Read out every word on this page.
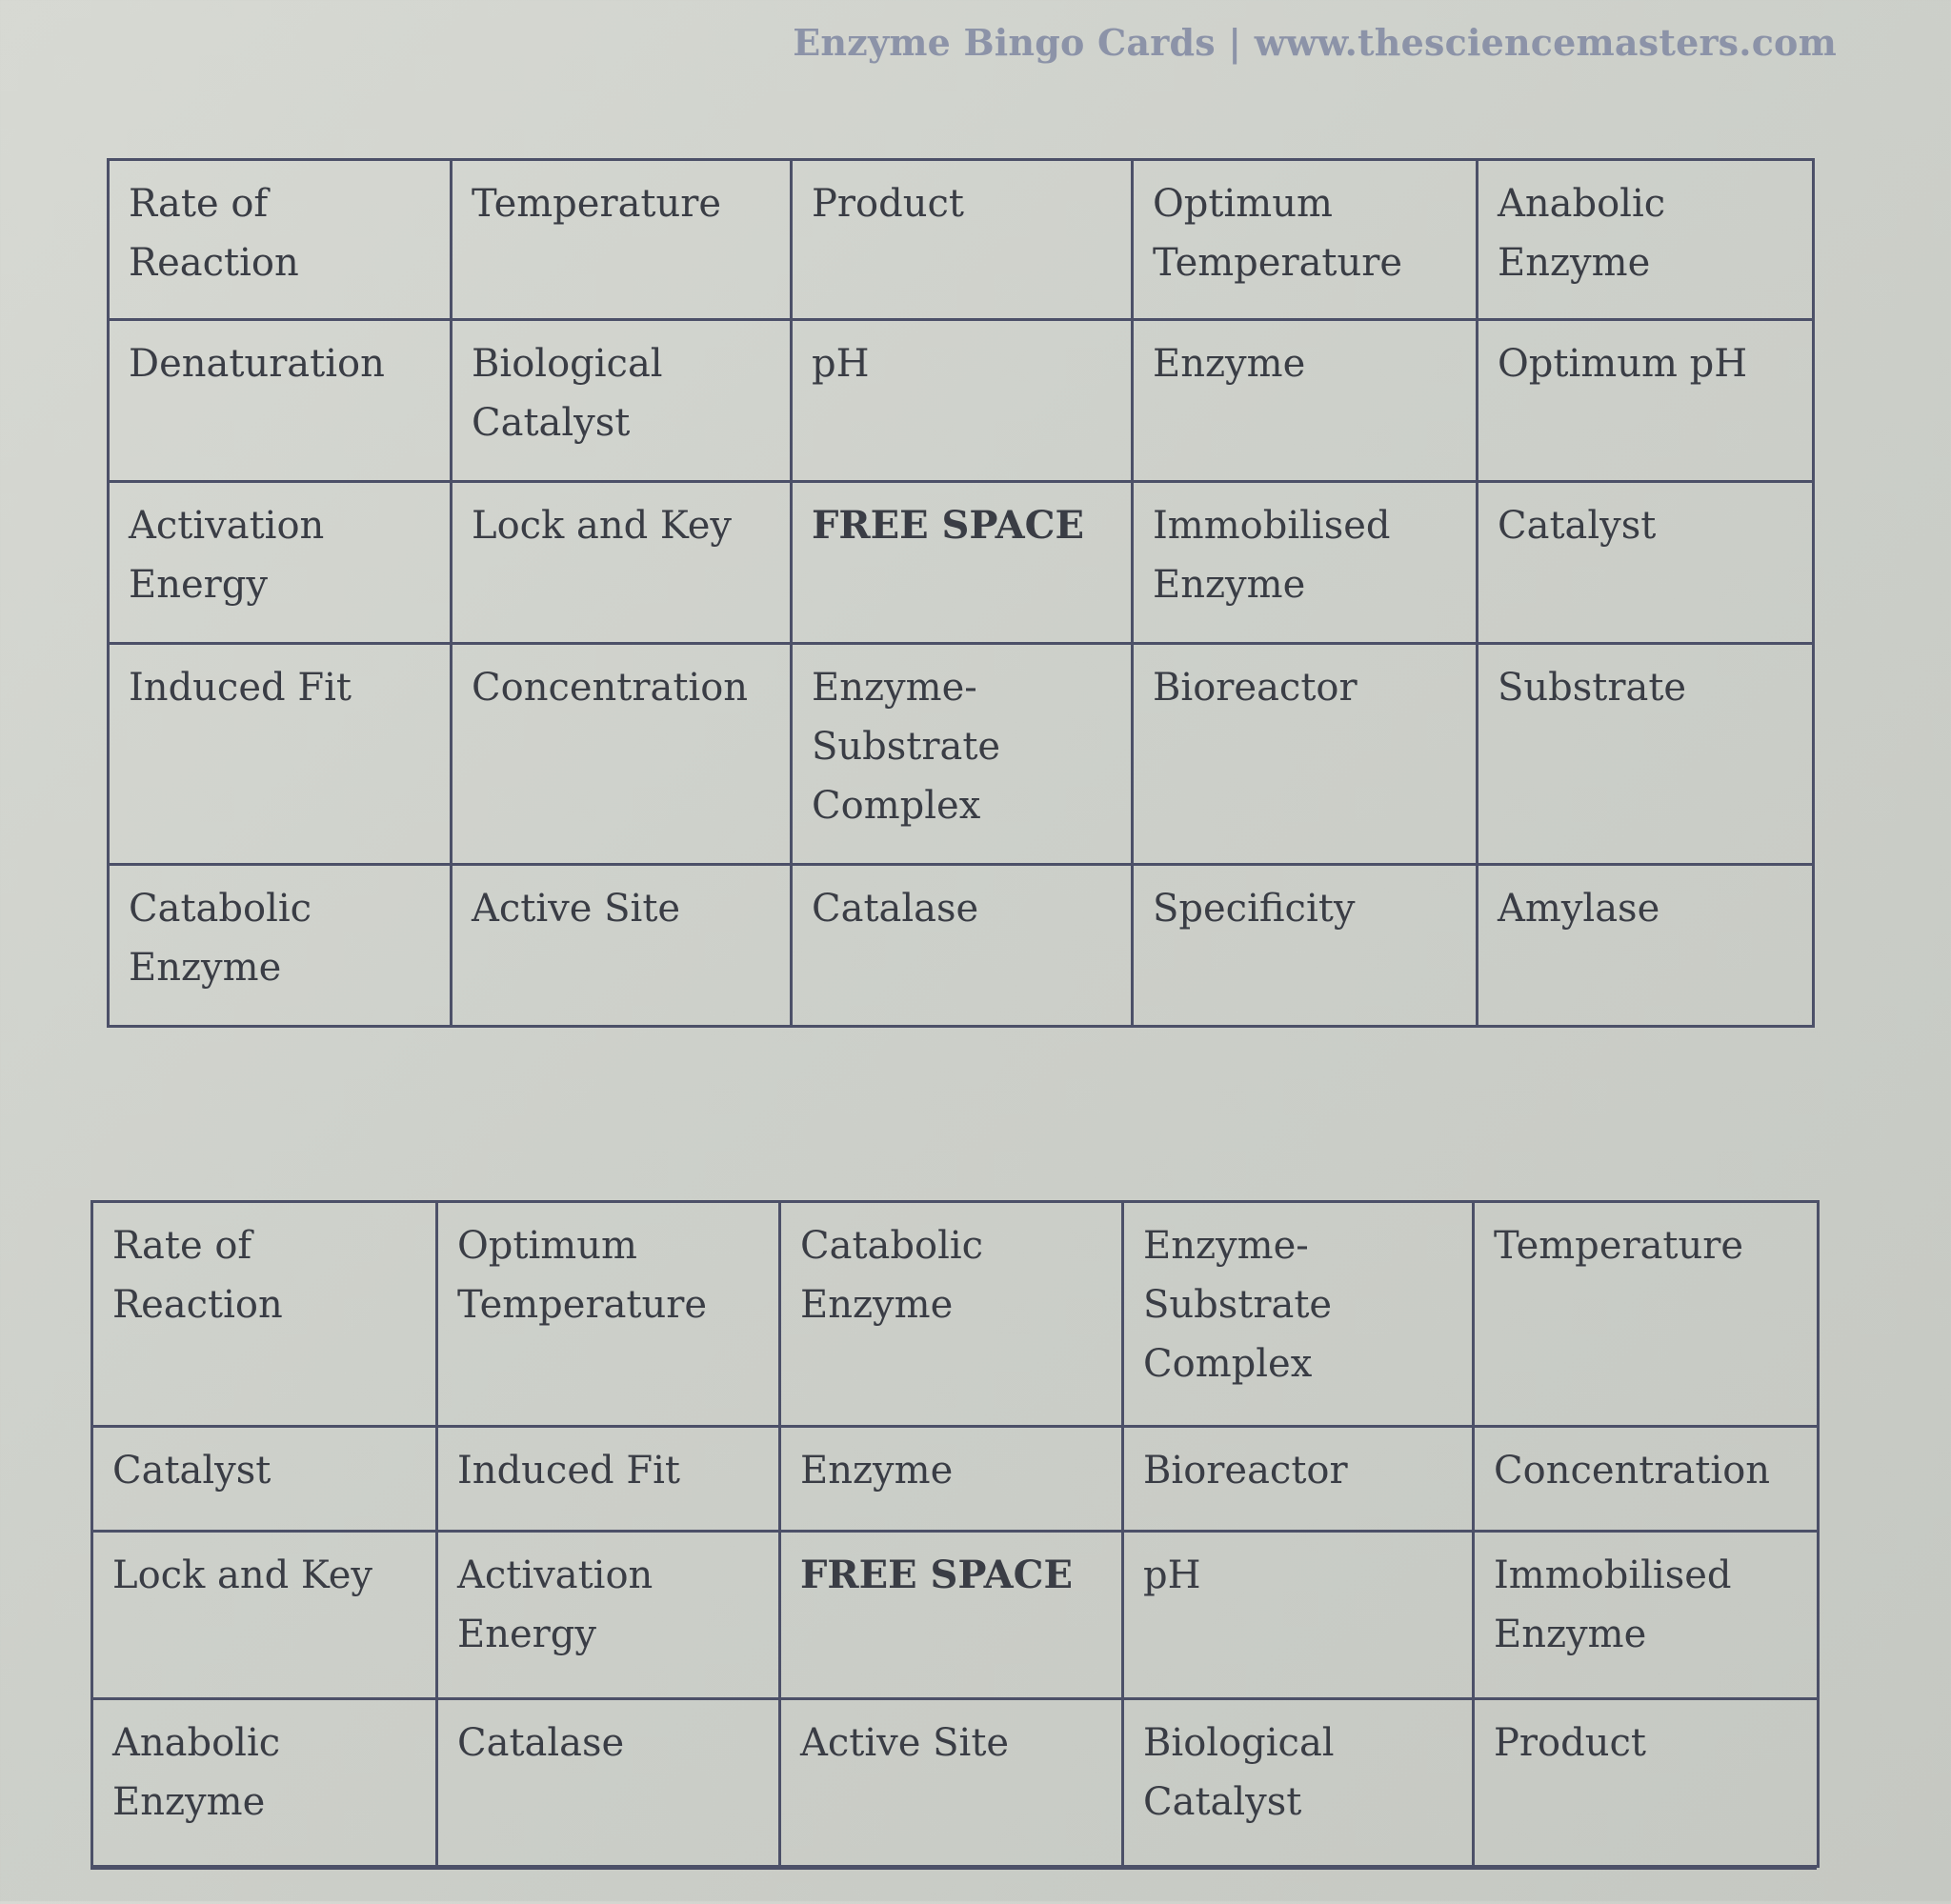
Enzyme Bingo Cards | www.thesciencemasters.com
Rate of Reaction	Temperature	Product	Optimum Temperature	Anabolic Enzyme
Denaturation	Biological Catalyst	pH	Enzyme	Optimum pH
Activation Energy	Lock and Key	FREE SPACE	Immobilised Enzyme	Catalyst
Induced Fit	Concentration	Enzyme-Substrate Complex	Bioreactor	Substrate
Catabolic Enzyme	Active Site	Catalase	Specificity	Amylase
Rate of Reaction	Optimum Temperature	Catabolic Enzyme	Enzyme-Substrate Complex	Temperature
Catalyst	Induced Fit	Enzyme	Bioreactor	Concentration
Lock and Key	Activation Energy	FREE SPACE	pH	Immobilised Enzyme
Anabolic Enzyme	Catalase	Active Site	Biological Catalyst	Product
